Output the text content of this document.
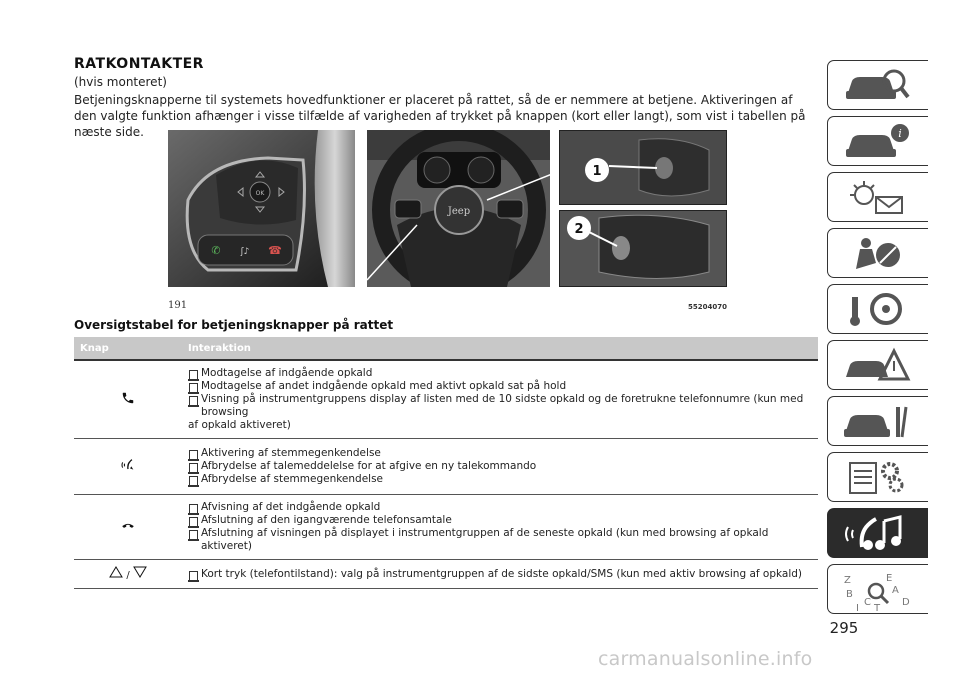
RATKONTAKTER

(hvis monteret)

Betjeningsknapperne til systemets hovedfunktioner er placeret på rattet, så de er nemmere at betjene. Aktiveringen af den valgte funktion afhænger i visse tilfælde af varigheden af trykket på knappen (kort eller langt), som vist i tabellen på næste side.

OK
✆ ʃ♪ ☎
Jeep
1
2
191	55204070
Oversigtstabel for betjeningsknapper på rattet
Knap	Interaktion

Modtagelse af indgående opkald
Modtagelse af andet indgående opkald med aktivt opkald sat på hold
Visning på instrumentgruppens display af listen med de 10 sidste opkald og de foretrukne telefonnumre (kun med browsing
af opkald aktiveret)

Aktivering af stemmegenkendelse
Afbrydelse af talemeddelelse for at afgive en ny talekommando
Afbrydelse af stemmegenkendelse

Afvisning af det indgående opkald
Afslutning af den igangværende telefonsamtale
Afslutning af visningen på displayet i instrumentgruppen af de seneste opkald (kun med browsing af opkald aktiveret)

/	Kort tryk (telefontilstand): valg på instrumentgruppen af de sidste opkald/SMS (kun med aktiv browsing af opkald)
i
Z	E
B	A
C	D
I T
295
carmanualsonline.info
